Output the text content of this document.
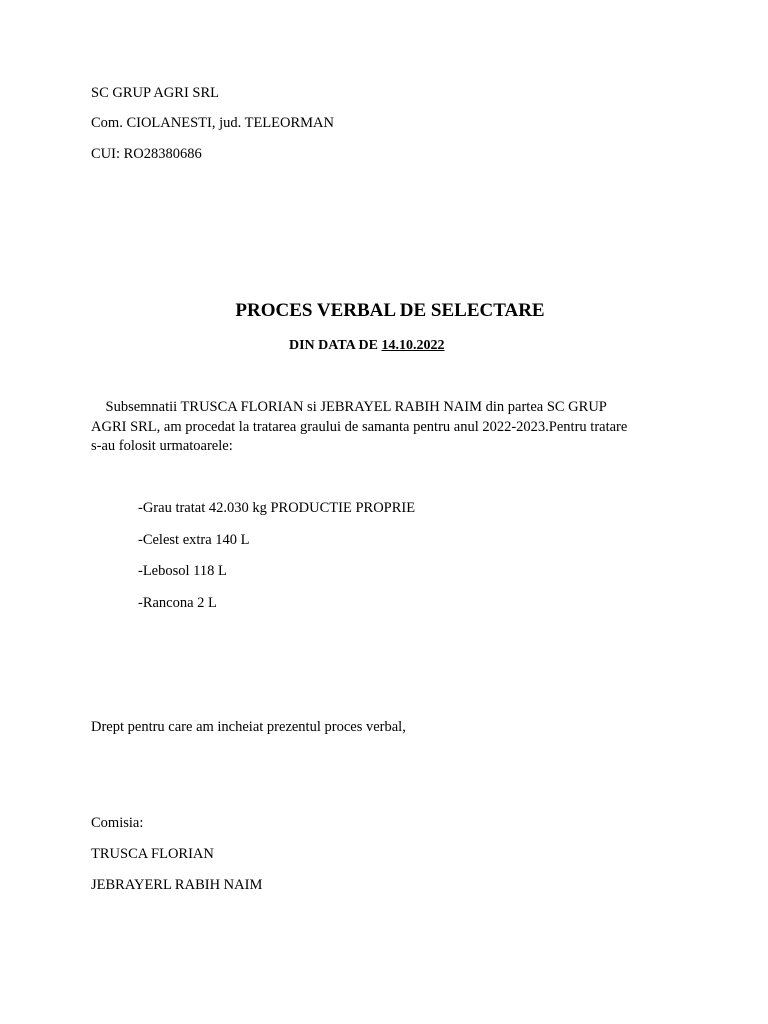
SC GRUP AGRI SRL
Com. CIOLANESTI, jud. TELEORMAN
CUI: RO28380686
PROCES VERBAL DE SELECTARE
DIN DATA DE 14.10.2022
Subsemnatii TRUSCA FLORIAN si JEBRAYEL RABIH NAIM din partea SC GRUP
AGRI SRL, am procedat la tratarea graului de samanta pentru anul 2022-2023.Pentru tratare
s-au folosit urmatoarele:
-Grau tratat 42.030 kg PRODUCTIE PROPRIE
-Celest extra 140 L
-Lebosol 118 L
-Rancona 2 L
Drept pentru care am incheiat prezentul proces verbal,
Comisia:
TRUSCA FLORIAN
JEBRAYERL RABIH NAIM
